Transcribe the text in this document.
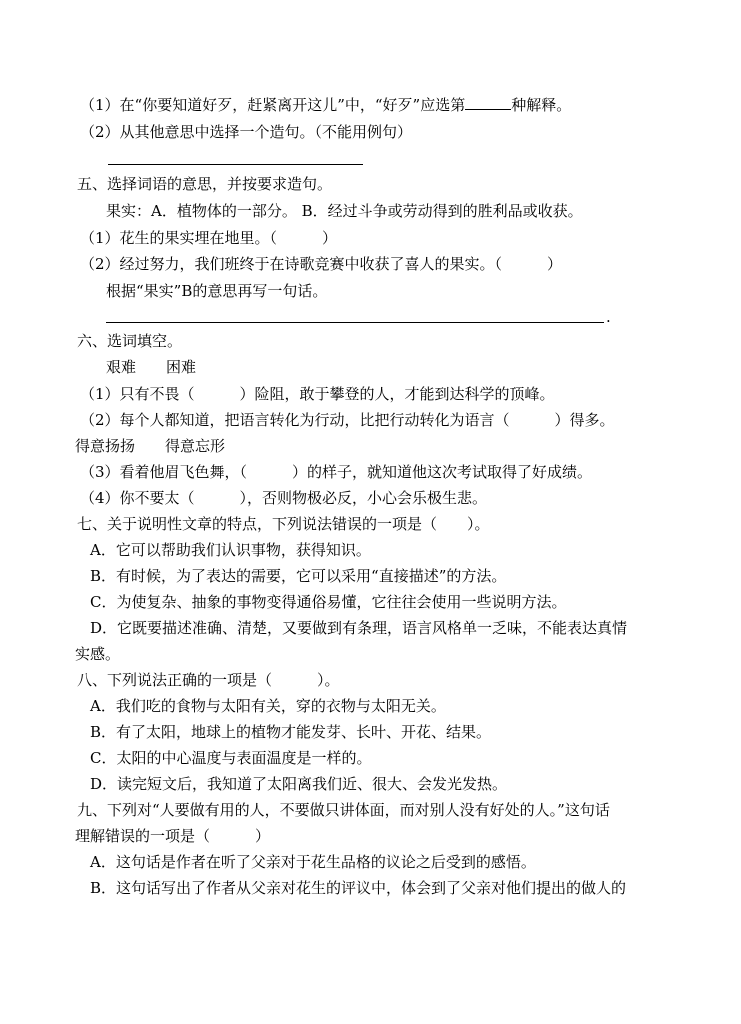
（1）在“你要知道好歹，赶紧离开这儿”中，“好歹”应选第	种解释。
（2）从其他意思中选择一个造句。（不能用例句）
五、选择词语的意思，并按要求造句。
果实：A．植物体的一部分。 B．经过斗争或劳动得到的胜利品或收获。
（1）花生的果实埋在地里。（　　　）
（2）经过努力，我们班终于在诗歌竞赛中收获了喜人的果实。（　　　）
根据“果实”B的意思再写一句话。
.
六、选词填空。
艰难　　困难
（1）只有不畏（　　　）险阻，敢于攀登的人，才能到达科学的顶峰。
（2）每个人都知道，把语言转化为行动，比把行动转化为语言（　　　）得多。
得意扬扬　　得意忘形
（3）看着他眉飞色舞，（　　　）的样子，就知道他这次考试取得了好成绩。
（4）你不要太（　　　），否则物极必反，小心会乐极生悲。
七、关于说明性文章的特点，下列说法错误的一项是（　　）。
A．它可以帮助我们认识事物，获得知识。
B．有时候，为了表达的需要，它可以采用“直接描述”的方法。
C．为使复杂、抽象的事物变得通俗易懂，它往往会使用一些说明方法。
D．它既要描述准确、清楚，又要做到有条理，语言风格单一乏味，不能表达真情
实感。
八、下列说法正确的一项是（　　　）。
A．我们吃的食物与太阳有关，穿的衣物与太阳无关。
B．有了太阳，地球上的植物才能发芽、长叶、开花、结果。
C．太阳的中心温度与表面温度是一样的。
D．读完短文后，我知道了太阳离我们近、很大、会发光发热。
九、下列对“人要做有用的人，不要做只讲体面，而对别人没有好处的人。”这句话
理解错误的一项是（　　　）
A．这句话是作者在听了父亲对于花生品格的议论之后受到的感悟。
B．这句话写出了作者从父亲对花生的评议中，体会到了父亲对他们提出的做人的
